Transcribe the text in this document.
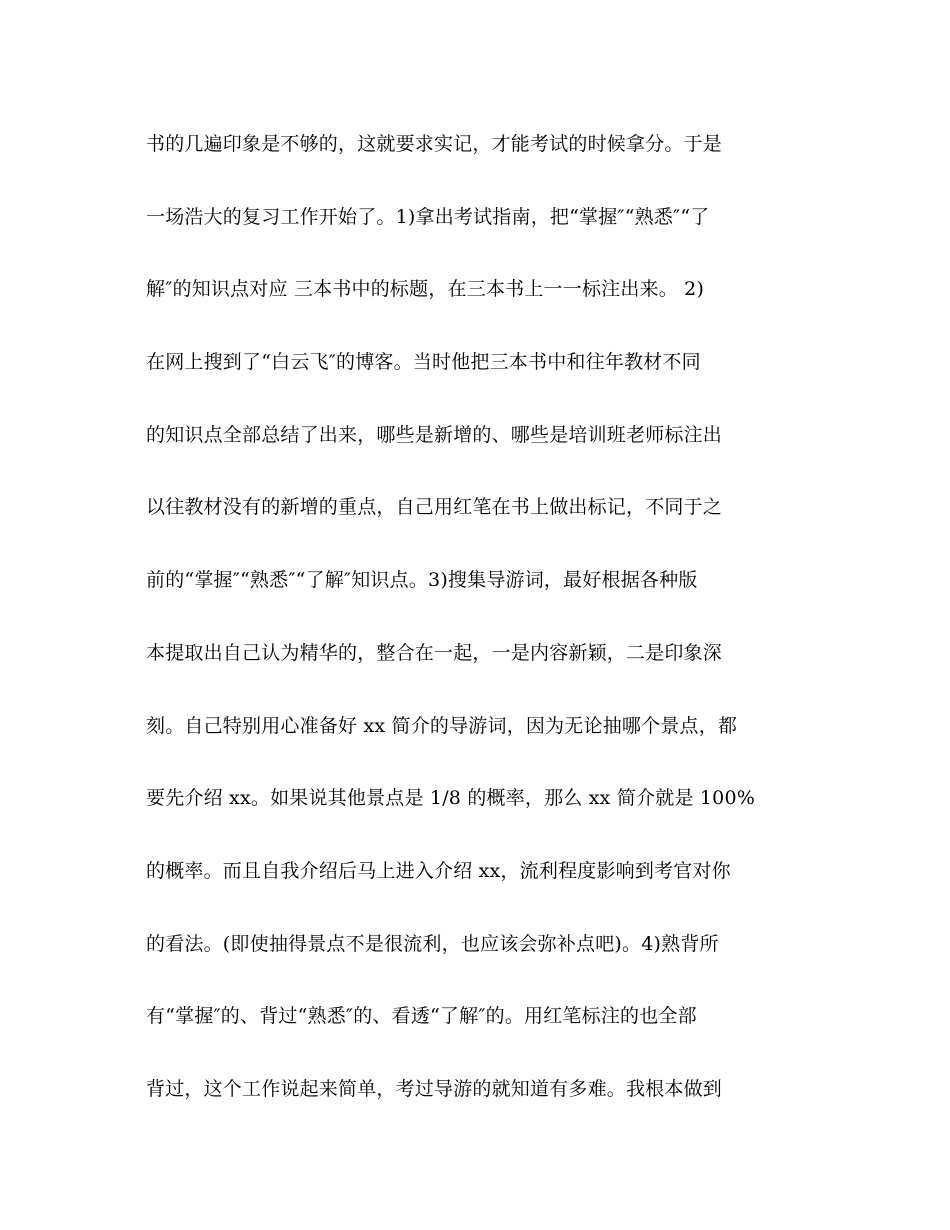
书的几遍印象是不够的，这就要求实记，才能考试的时候拿分。于是
一场浩大的复习工作开始了。1)拿出考试指南，把“掌握″“熟悉″“了
解″的知识点对应 三本书中的标题，在三本书上一一标注出来。 2)
在网上搜到了“白云飞″的博客。当时他把三本书中和往年教材不同
的知识点全部总结了出来，哪些是新增的、哪些是培训班老师标注出
以往教材没有的新增的重点，自己用红笔在书上做出标记，不同于之
前的“掌握″“熟悉″“了解″知识点。3)搜集导游词，最好根据各种版
本提取出自己认为精华的，整合在一起，一是内容新颖，二是印象深
刻。自己特别用心准备好 xx 简介的导游词，因为无论抽哪个景点，都
要先介绍 xx。如果说其他景点是 1/8 的概率，那么 xx 简介就是 100%
的概率。而且自我介绍后马上进入介绍 xx，流利程度影响到考官对你
的看法。(即使抽得景点不是很流利，也应该会弥补点吧)。4)熟背所
有“掌握″的、背过“熟悉″的、看透“了解″的。用红笔标注的也全部
背过，这个工作说起来简单，考过导游的就知道有多难。我根本做到
